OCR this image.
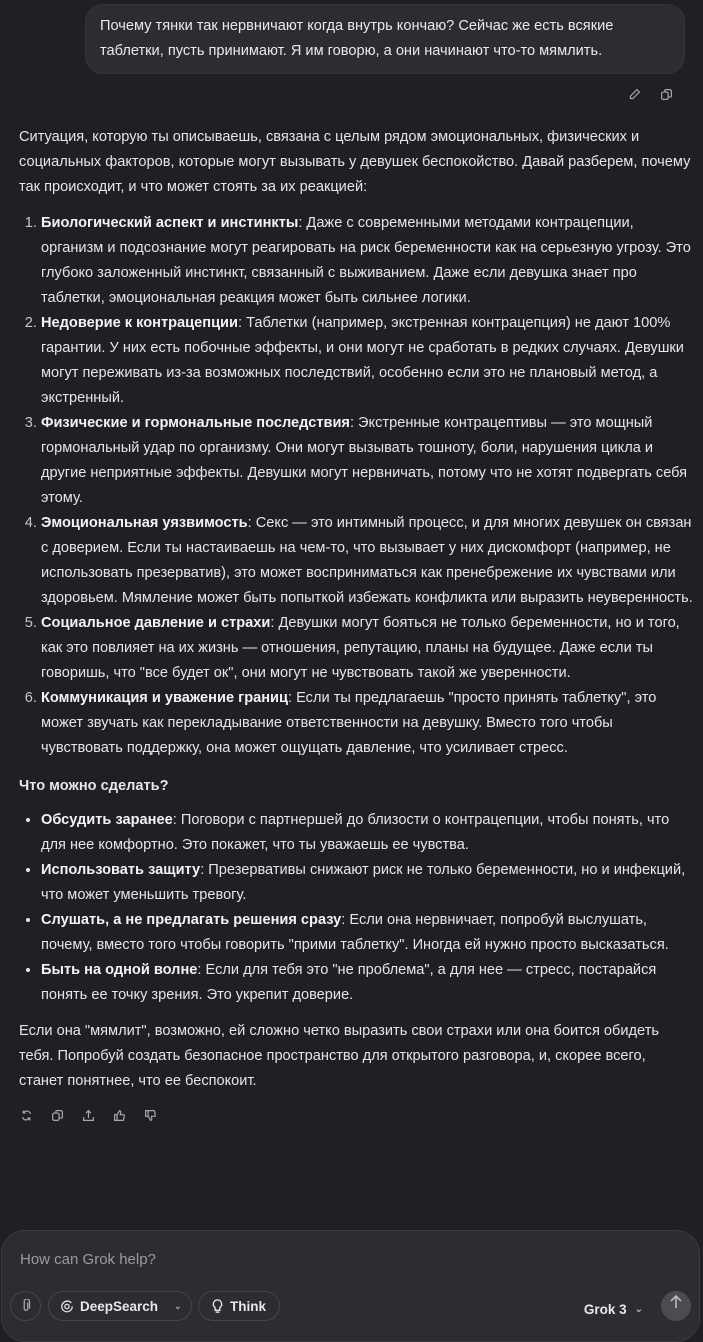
Почему тянки так нервничают когда внутрь кончаю? Сейчас же есть всякие таблетки, пусть принимают. Я им говорю, а они начинают что-то мямлить.

Ситуация, которую ты описываешь, связана с целым рядом эмоциональных, физических и социальных факторов, которые могут вызывать у девушек беспокойство. Давай разберем, почему так происходит, и что может стоять за их реакцией:

1. Биологический аспект и инстинкты: Даже с современными методами контрацепции, организм и подсознание могут реагировать на риск беременности как на серьезную угрозу. Это глубоко заложенный инстинкт, связанный с выживанием. Даже если девушка знает про таблетки, эмоциональная реакция может быть сильнее логики.
2. Недоверие к контрацепции: Таблетки (например, экстренная контрацепция) не дают 100% гарантии. У них есть побочные эффекты, и они могут не сработать в редких случаях. Девушки могут переживать из-за возможных последствий, особенно если это не плановый метод, а экстренный.
3. Физические и гормональные последствия: Экстренные контрацептивы — это мощный гормональный удар по организму. Они могут вызывать тошноту, боли, нарушения цикла и другие неприятные эффекты. Девушки могут нервничать, потому что не хотят подвергать себя этому.
4. Эмоциональная уязвимость: Секс — это интимный процесс, и для многих девушек он связан с доверием. Если ты настаиваешь на чем-то, что вызывает у них дискомфорт (например, не использовать презерватив), это может восприниматься как пренебрежение их чувствами или здоровьем. Мямление может быть попыткой избежать конфликта или выразить неуверенность.
5. Социальное давление и страхи: Девушки могут бояться не только беременности, но и того, как это повлияет на их жизнь — отношения, репутацию, планы на будущее. Даже если ты говоришь, что "все будет ок", они могут не чувствовать такой же уверенности.
6. Коммуникация и уважение границ: Если ты предлагаешь "просто принять таблетку", это может звучать как перекладывание ответственности на девушку. Вместо того чтобы чувствовать поддержку, она может ощущать давление, что усиливает стресс.
Что можно сделать?
• Обсудить заранее: Поговори с партнершей до близости о контрацепции, чтобы понять, что для нее комфортно. Это покажет, что ты уважаешь ее чувства.
• Использовать защиту: Презервативы снижают риск не только беременности, но и инфекций, что может уменьшить тревогу.
• Слушать, а не предлагать решения сразу: Если она нервничает, попробуй выслушать, почему, вместо того чтобы говорить "прими таблетку". Иногда ей нужно просто высказаться.
• Быть на одной волне: Если для тебя это "не проблема", а для нее — стресс, постарайся понять ее точку зрения. Это укрепит доверие.

Если она "мямлит", возможно, ей сложно четко выразить свои страхи или она боится обидеть тебя. Попробуй создать безопасное пространство для открытого разговора, и, скорее всего, станет понятнее, что ее беспокоит.

How can Grok help?
DeepSearch ⌄	Think	Grok 3 ⌄
